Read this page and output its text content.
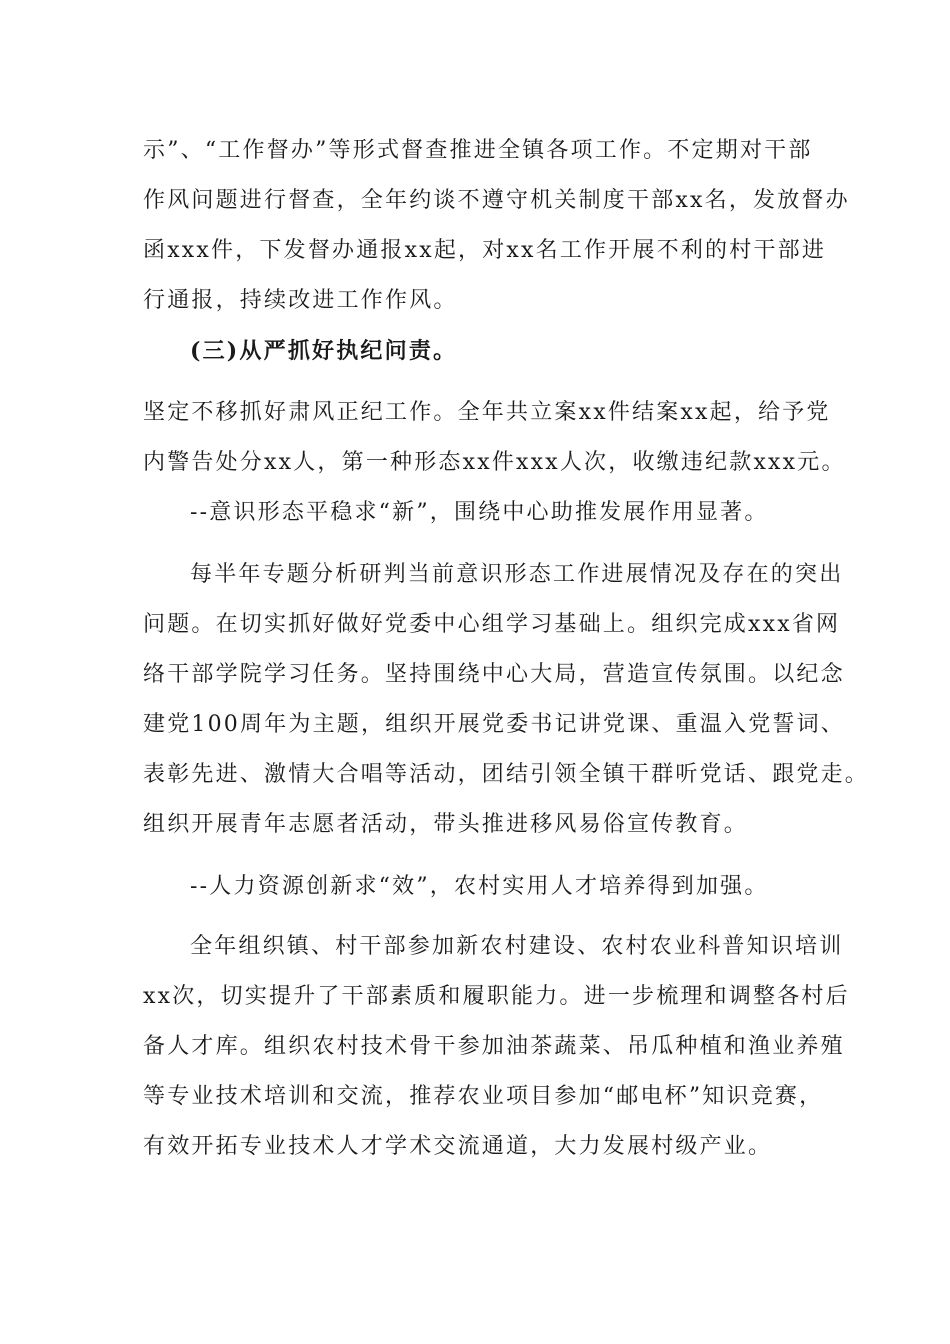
示”、“工作督办”等形式督查推进全镇各项工作。不定期对干部
作风问题进行督查，全年约谈不遵守机关制度干部xx名，发放督办
函xxx件，下发督办通报xx起，对xx名工作开展不利的村干部进
行通报，持续改进工作作风。
(三)从严抓好执纪问责。
坚定不移抓好肃风正纪工作。全年共立案xx件结案xx起，给予党
内警告处分xx人，第一种形态xx件xxx人次，收缴违纪款xxx元。
--意识形态平稳求“新”，围绕中心助推发展作用显著。
每半年专题分析研判当前意识形态工作进展情况及存在的突出
问题。在切实抓好做好党委中心组学习基础上。组织完成xxx省网
络干部学院学习任务。坚持围绕中心大局，营造宣传氛围。以纪念
建党100周年为主题，组织开展党委书记讲党课、重温入党誓词、
表彰先进、激情大合唱等活动，团结引领全镇干群听党话、跟党走。
组织开展青年志愿者活动，带头推进移风易俗宣传教育。
--人力资源创新求“效”，农村实用人才培养得到加强。
全年组织镇、村干部参加新农村建设、农村农业科普知识培训
xx次，切实提升了干部素质和履职能力。进一步梳理和调整各村后
备人才库。组织农村技术骨干参加油茶蔬菜、吊瓜种植和渔业养殖
等专业技术培训和交流，推荐农业项目参加“邮电杯”知识竞赛，
有效开拓专业技术人才学术交流通道，大力发展村级产业。
